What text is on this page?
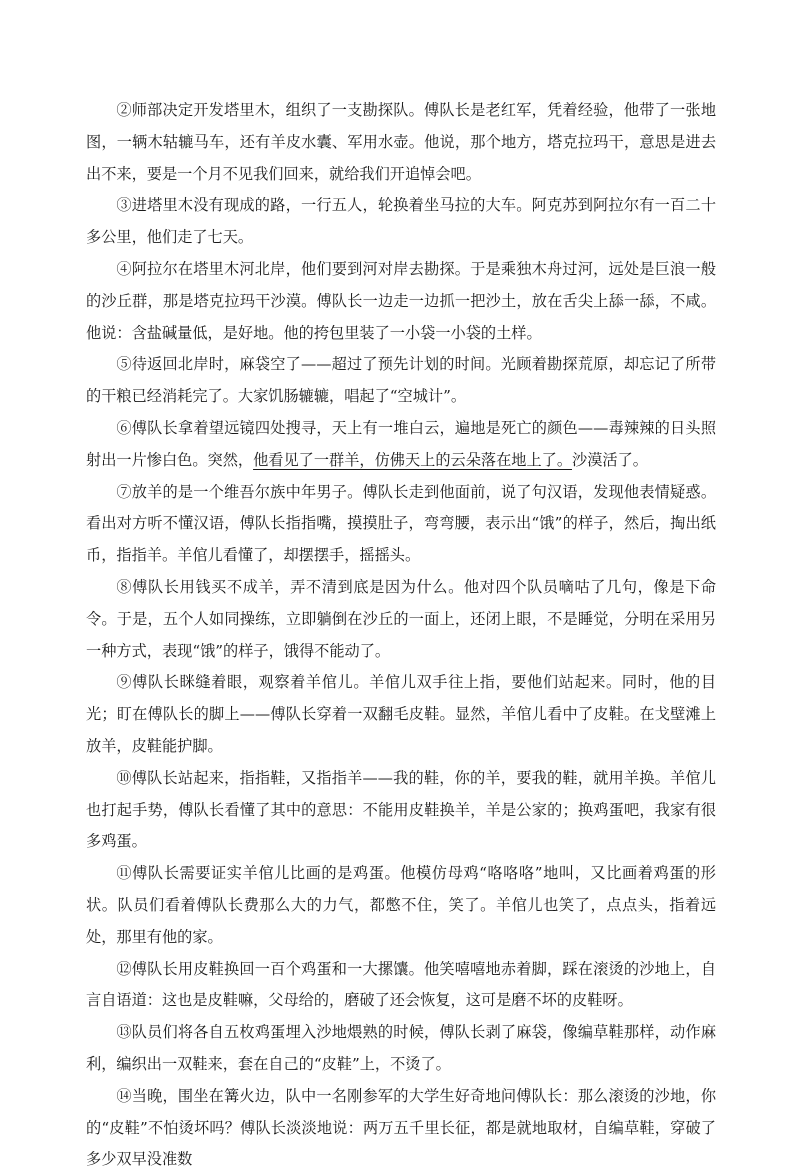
②师部决定开发塔里木，组织了一支勘探队。傅队长是老红军，凭着经验，他带了一张地图，一辆木轱辘马车，还有羊皮水囊、军用水壶。他说，那个地方，塔克拉玛干，意思是进去出不来，要是一个月不见我们回来，就给我们开追悼会吧。

③进塔里木没有现成的路，一行五人，轮换着坐马拉的大车。阿克苏到阿拉尔有一百二十多公里，他们走了七天。

④阿拉尔在塔里木河北岸，他们要到河对岸去勘探。于是乘独木舟过河，远处是巨浪一般的沙丘群，那是塔克拉玛干沙漠。傅队长一边走一边抓一把沙土，放在舌尖上舔一舔，不咸。他说：含盐碱量低，是好地。他的挎包里装了一小袋一小袋的土样。

⑤待返回北岸时，麻袋空了——超过了预先计划的时间。光顾着勘探荒原，却忘记了所带的干粮已经消耗完了。大家饥肠辘辘，唱起了“空城计”。

⑥傅队长拿着望远镜四处搜寻，天上有一堆白云，遍地是死亡的颜色——毒辣辣的日头照射出一片惨白色。突然，他看见了一群羊，仿佛天上的云朵落在地上了。沙漠活了。

⑦放羊的是一个维吾尔族中年男子。傅队长走到他面前，说了句汉语，发现他表情疑惑。看出对方听不懂汉语，傅队长指指嘴，摸摸肚子，弯弯腰，表示出“饿”的样子，然后，掏出纸币，指指羊。羊倌儿看懂了，却摆摆手，摇摇头。

⑧傅队长用钱买不成羊，弄不清到底是因为什么。他对四个队员嘀咕了几句，像是下命令。于是，五个人如同操练，立即躺倒在沙丘的一面上，还闭上眼，不是睡觉，分明在采用另一种方式，表现“饿”的样子，饿得不能动了。

⑨傅队长眯缝着眼，观察着羊倌儿。羊倌儿双手往上指，要他们站起来。同时，他的目光；盯在傅队长的脚上——傅队长穿着一双翻毛皮鞋。显然，羊倌儿看中了皮鞋。在戈壁滩上放羊，皮鞋能护脚。

⑩傅队长站起来，指指鞋，又指指羊——我的鞋，你的羊，要我的鞋，就用羊换。羊倌儿也打起手势，傅队长看懂了其中的意思：不能用皮鞋换羊，羊是公家的；换鸡蛋吧，我家有很多鸡蛋。

⑪傅队长需要证实羊倌儿比画的是鸡蛋。他模仿母鸡“咯咯咯”地叫，又比画着鸡蛋的形状。队员们看着傅队长费那么大的力气，都憋不住，笑了。羊倌儿也笑了，点点头，指着远处，那里有他的家。

⑫傅队长用皮鞋换回一百个鸡蛋和一大摞馕。他笑嘻嘻地赤着脚，踩在滚烫的沙地上，自言自语道：这也是皮鞋嘛，父母给的，磨破了还会恢复，这可是磨不坏的皮鞋呀。

⑬队员们将各自五枚鸡蛋埋入沙地煨熟的时候，傅队长剥了麻袋，像编草鞋那样，动作麻利，编织出一双鞋来，套在自己的“皮鞋”上，不烫了。

⑭当晚，围坐在篝火边，队中一名刚参军的大学生好奇地问傅队长：那么滚烫的沙地，你的“皮鞋”不怕烫坏吗？傅队长淡淡地说：两万五千里长征，都是就地取材，自编草鞋，穿破了多少双早没准数
